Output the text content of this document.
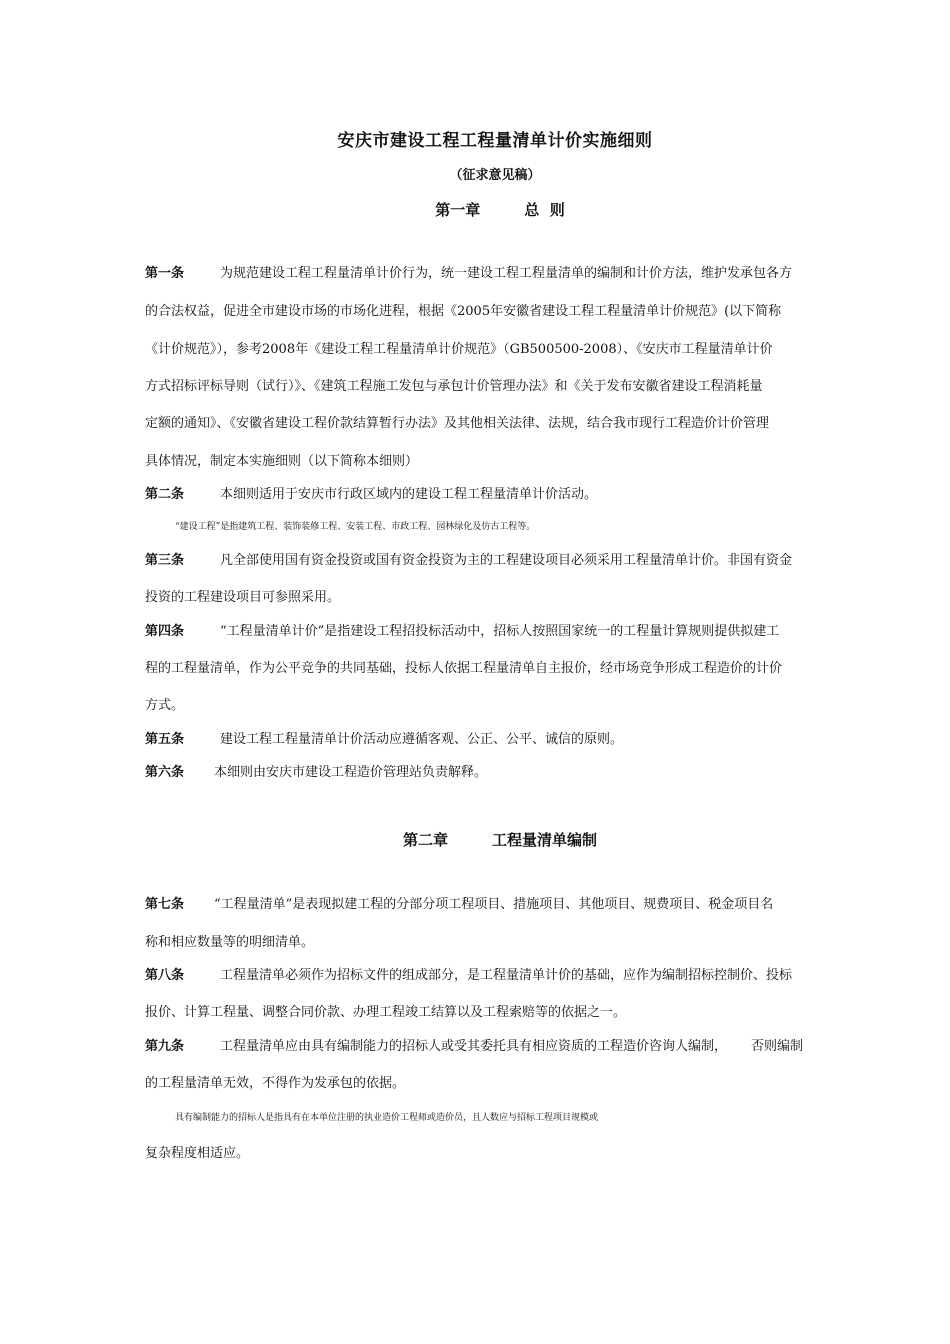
安庆市建设工程工程量清单计价实施细则
（征求意见稿）
第一章	总  则
第一条	为规范建设工程工程量清单计价行为，统一建设工程工程量清单的编制和计价方法，维护发承包各方
的合法权益，促进全市建设市场的市场化进程，根据《2005年安徽省建设工程工程量清单计价规范》(以下简称
《计价规范》），参考2008年《建设工程工程量清单计价规范》（GB500500-2008）、《安庆市工程量清单计价
方式招标评标导则（试行）》、《建筑工程施工发包与承包计价管理办法》和《关于发布安徽省建设工程消耗量
定额的通知》、《安徽省建设工程价款结算暂行办法》及其他相关法律、法规，结合我市现行工程造价计价管理
具体情况，制定本实施细则（以下简称本细则）
第二条	本细则适用于安庆市行政区域内的建设工程工程量清单计价活动。
“建设工程”是指建筑工程、装饰装修工程、安装工程、市政工程、园林绿化及仿古工程等。
第三条	凡全部使用国有资金投资或国有资金投资为主的工程建设项目必须采用工程量清单计价。非国有资金
投资的工程建设项目可参照采用。
第四条	“工程量清单计价”是指建设工程招投标活动中，招标人按照国家统一的工程量计算规则提供拟建工
程的工程量清单，作为公平竞争的共同基础，投标人依据工程量清单自主报价，经市场竞争形成工程造价的计价
方式。
第五条	建设工程工程量清单计价活动应遵循客观、公正、公平、诚信的原则。
第六条 本细则由安庆市建设工程造价管理站负责解释。
第二章	工程量清单编制
第七条 “工程量清单”是表现拟建工程的分部分项工程项目、措施项目、其他项目、规费项目、税金项目名
称和相应数量等的明细清单。
第八条	工程量清单必须作为招标文件的组成部分，是工程量清单计价的基础，应作为编制招标控制价、投标
报价、计算工程量、调整合同价款、办理工程竣工结算以及工程索赔等的依据之一。
第九条	工程量清单应由具有编制能力的招标人或受其委托具有相应资质的工程造价咨询人编制， 否则编制
的工程量清单无效，不得作为发承包的依据。
具有编制能力的招标人是指具有在本单位注册的执业造价工程师或造价员，且人数应与招标工程项目规模或
复杂程度相适应。
